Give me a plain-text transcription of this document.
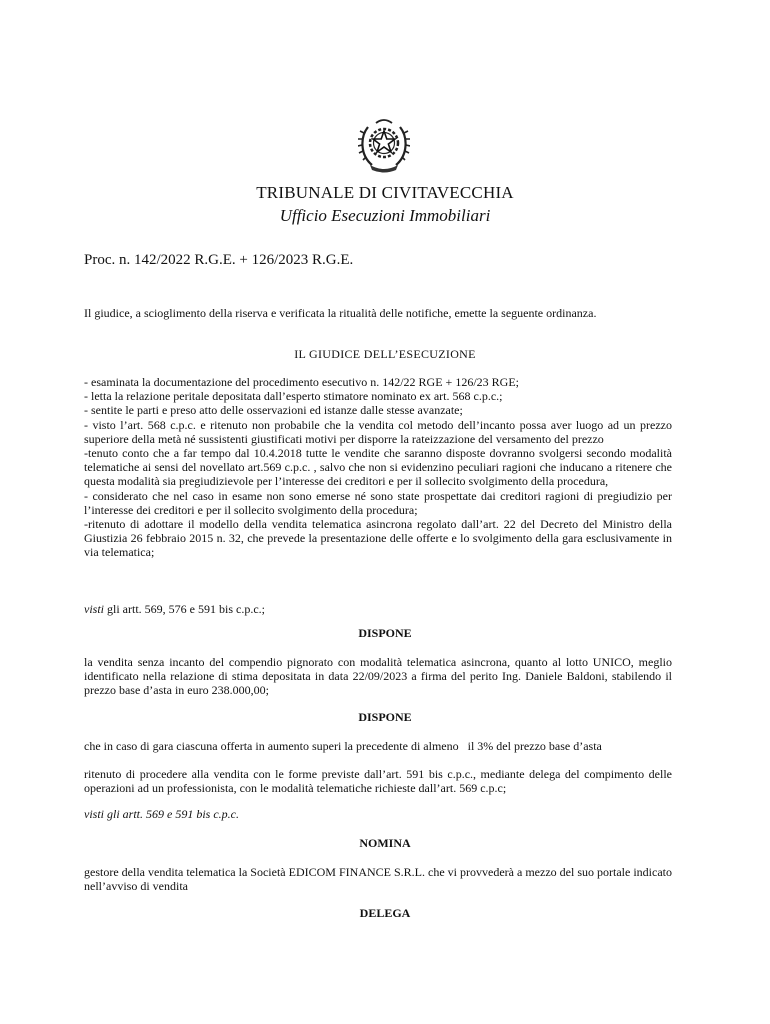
TRIBUNALE DI CIVITAVECCHIA
Ufficio Esecuzioni Immobiliari
Proc. n. 142/2022 R.G.E. + 126/2023 R.G.E.
Il giudice, a scioglimento della riserva e verificata la ritualità delle notifiche, emette la seguente ordinanza.
IL GIUDICE DELL’ESECUZIONE

- esaminata la documentazione del procedimento esecutivo n. 142/22 RGE + 126/23 RGE;

- letta la relazione peritale depositata dall’esperto stimatore nominato ex art. 568 c.p.c.;

- sentite le parti e preso atto delle osservazioni ed istanze dalle stesse avanzate;

- visto l’art. 568 c.p.c. e ritenuto non probabile che la vendita col metodo dell’incanto possa aver luogo ad un prezzo superiore della metà né sussistenti giustificati motivi per disporre la rateizzazione del versamento del prezzo

-tenuto conto che a far tempo dal 10.4.2018 tutte le vendite che saranno disposte dovranno svolgersi secondo modalità telematiche ai sensi del novellato art.569 c.p.c. , salvo che non si evidenzino peculiari ragioni che inducano a ritenere che questa modalità sia pregiudizievole per l’interesse dei creditori e per il sollecito svolgimento della procedura,

- considerato che nel caso in esame non sono emerse né sono state prospettate dai creditori ragioni di pregiudizio per l’interesse dei creditori e per il sollecito svolgimento della procedura;

-ritenuto di adottare il modello della vendita telematica asincrona regolato dall’art. 22 del Decreto del Ministro della Giustizia 26 febbraio 2015 n. 32, che prevede la presentazione delle offerte e lo svolgimento della gara esclusivamente in via telematica;

visti gli artt. 569, 576 e 591 bis c.p.c.;
DISPONE
la vendita senza incanto del compendio pignorato con modalità telematica asincrona, quanto al lotto UNICO, meglio identificato nella relazione di stima depositata in data 22/09/2023 a firma del perito Ing. Daniele Baldoni, stabilendo il prezzo base d’asta in euro 238.000,00;
DISPONE
che in caso di gara ciascuna offerta in aumento superi la precedente di almeno   il 3% del prezzo base d’asta
ritenuto di procedere alla vendita con le forme previste dall’art. 591 bis c.p.c., mediante delega del compimento delle operazioni ad un professionista, con le modalità telematiche richieste dall’art. 569 c.p.c;
visti gli artt. 569 e 591 bis c.p.c.
NOMINA
gestore della vendita telematica la Società EDICOM FINANCE S.R.L. che vi provvederà a mezzo del suo portale indicato nell’avviso di vendita
DELEGA
